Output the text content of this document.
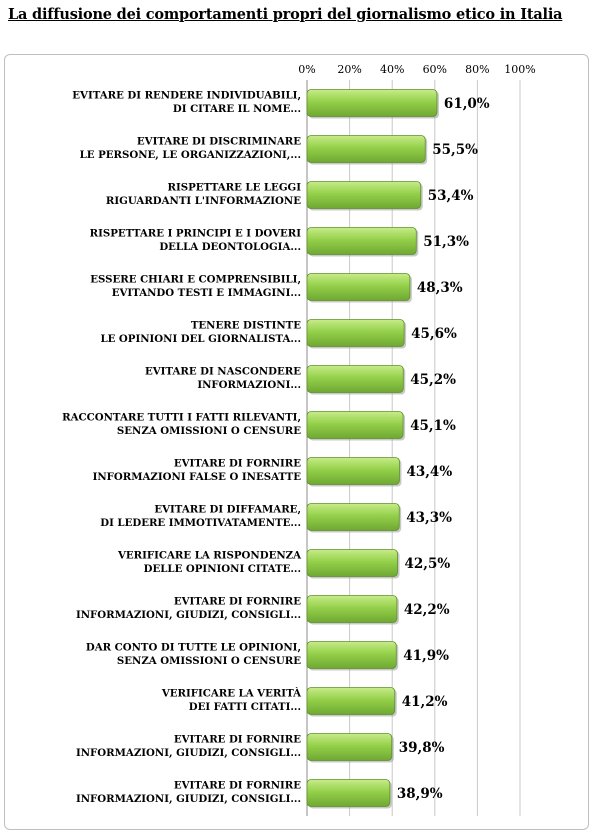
La diffusione dei comportamenti propri del giornalismo etico in Italia
0% 20% 40% 60% 80% 100%
61,0%
EVITARE DI RENDERE INDIVIDUABILI,
DI CITARE IL NOME...
55,5%
EVITARE DI DISCRIMINARE
LE PERSONE, LE ORGANIZZAZIONI,...
53,4%
RISPETTARE LE LEGGI
RIGUARDANTI L'INFORMAZIONE
51,3%
RISPETTARE I PRINCIPI E I DOVERI
DELLA DEONTOLOGIA...
48,3%
ESSERE CHIARI E COMPRENSIBILI,
EVITANDO TESTI E IMMAGINI...
45,6%
TENERE DISTINTE
LE OPINIONI DEL GIORNALISTA...
45,2%
EVITARE DI NASCONDERE
INFORMAZIONI...
45,1%
RACCONTARE TUTTI I FATTI RILEVANTI,
SENZA OMISSIONI O CENSURE
43,4%
EVITARE DI FORNIRE
INFORMAZIONI FALSE O INESATTE
43,3%
EVITARE DI DIFFAMARE,
DI LEDERE IMMOTIVATAMENTE...
42,5%
VERIFICARE LA RISPONDENZA
DELLE OPINIONI CITATE...
42,2%
EVITARE DI FORNIRE
INFORMAZIONI, GIUDIZI, CONSIGLI...
41,9%
DAR CONTO DI TUTTE LE OPINIONI,
SENZA OMISSIONI O CENSURE
41,2%
VERIFICARE LA VERITÀ
DEI FATTI CITATI...
39,8%
EVITARE DI FORNIRE
INFORMAZIONI, GIUDIZI, CONSIGLI...
38,9%
EVITARE DI FORNIRE
INFORMAZIONI, GIUDIZI, CONSIGLI...
